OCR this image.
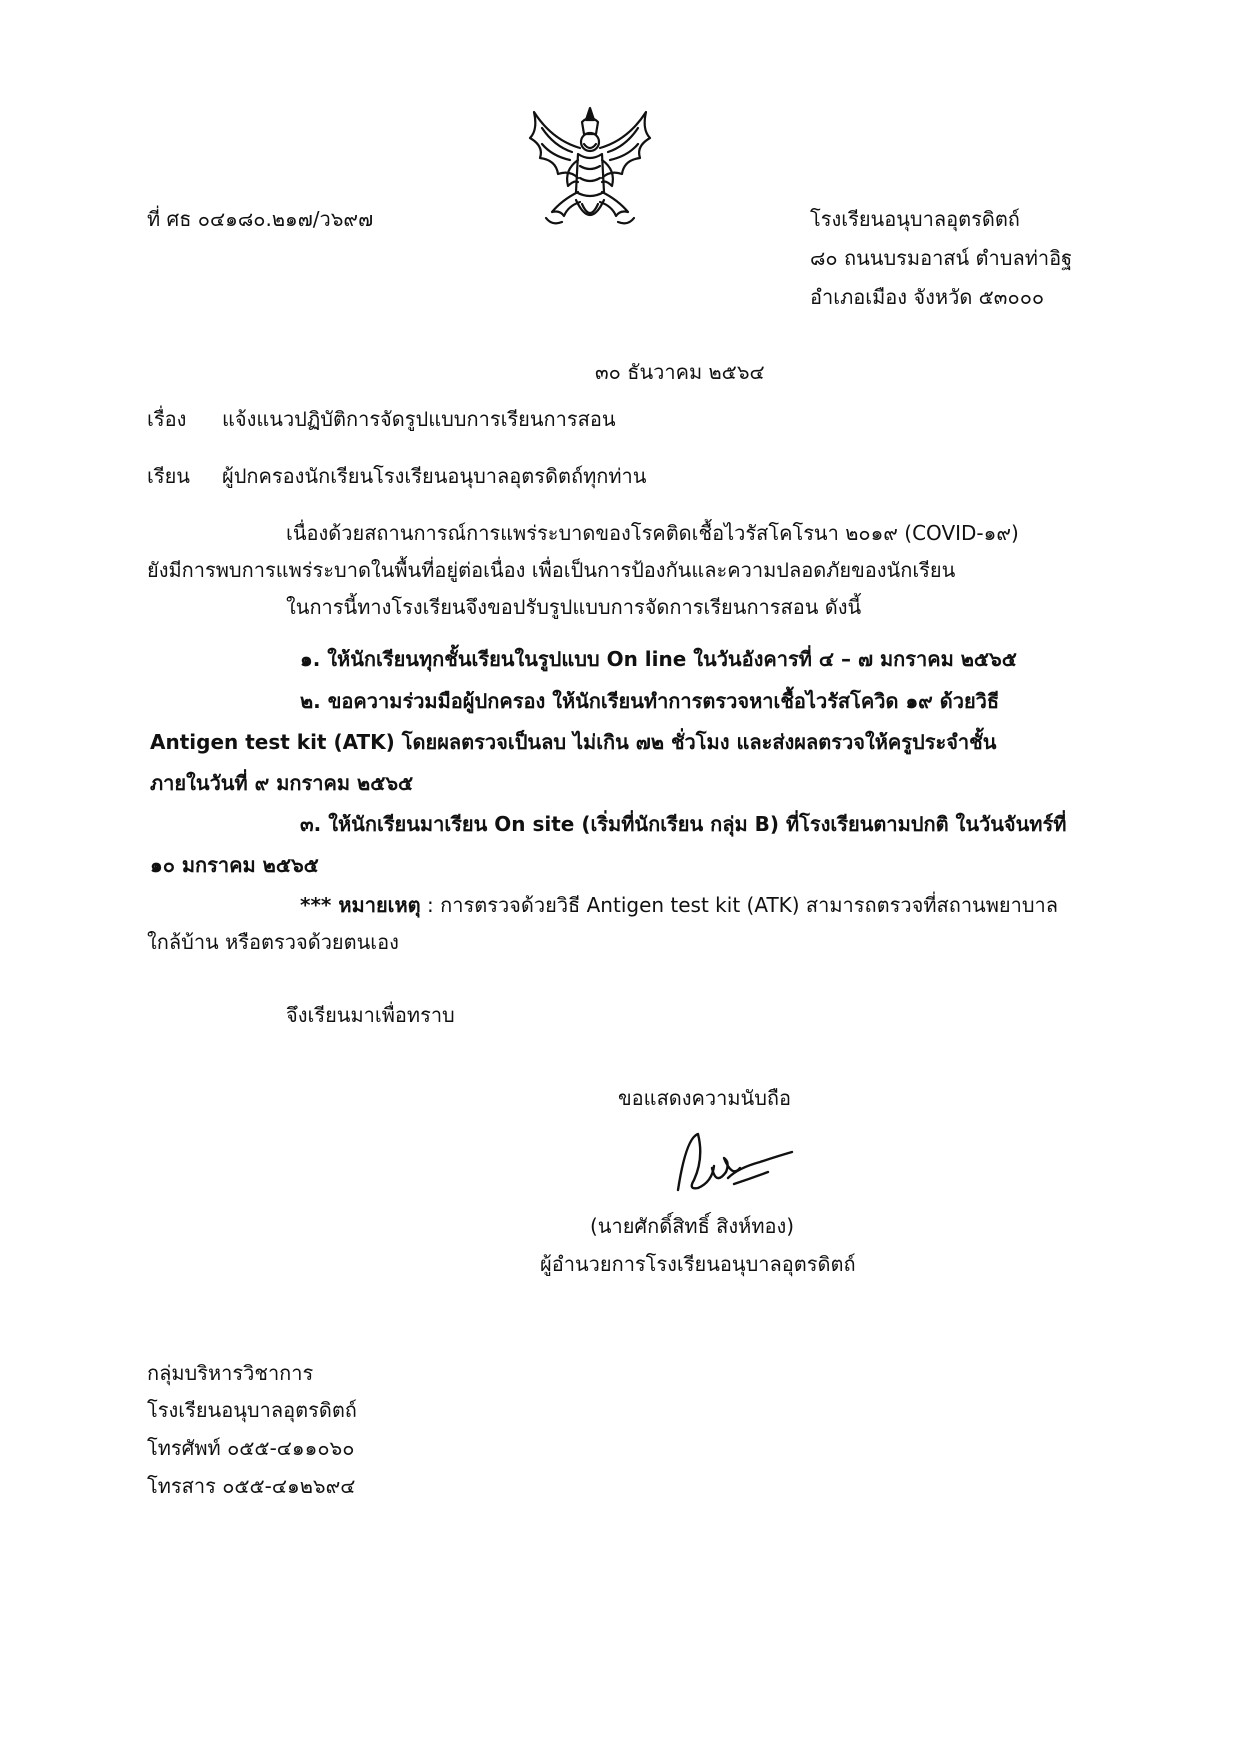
ที่ ศธ ๐๔๑๘๐.๒๑๗/ว๖๙๗	โรงเรียนอนุบาลอุตรดิตถ์
๘๐ ถนนบรมอาสน์ ตำบลท่าอิฐ
อำเภอเมือง จังหวัด ๕๓๐๐๐
๓๐ ธันวาคม ๒๕๖๔
เรื่อง แจ้งแนวปฏิบัติการจัดรูปแบบการเรียนการสอน
เรียน ผู้ปกครองนักเรียนโรงเรียนอนุบาลอุตรดิตถ์ทุกท่าน
เนื่องด้วยสถานการณ์การแพร่ระบาดของโรคติดเชื้อไวรัสโคโรนา ๒๐๑๙ (COVID-๑๙)
ยังมีการพบการแพร่ระบาดในพื้นที่อยู่ต่อเนื่อง เพื่อเป็นการป้องกันและความปลอดภัยของนักเรียน
ในการนี้ทางโรงเรียนจึงขอปรับรูปแบบการจัดการเรียนการสอน ดังนี้
๑. ให้นักเรียนทุกชั้นเรียนในรูปแบบ On line ในวันอังคารที่ ๔ – ๗ มกราคม ๒๕๖๕
๒. ขอความร่วมมือผู้ปกครอง ให้นักเรียนทำการตรวจหาเชื้อไวรัสโควิด ๑๙ ด้วยวิธี
Antigen test kit (ATK) โดยผลตรวจเป็นลบ ไม่เกิน ๗๒ ชั่วโมง และส่งผลตรวจให้ครูประจำชั้น
ภายในวันที่ ๙ มกราคม ๒๕๖๕
๓. ให้นักเรียนมาเรียน On site (เริ่มที่นักเรียน กลุ่ม B) ที่โรงเรียนตามปกติ ในวันจันทร์ที่
๑๐ มกราคม ๒๕๖๕
*** หมายเหตุ : การตรวจด้วยวิธี Antigen test kit (ATK) สามารถตรวจที่สถานพยาบาล
ใกล้บ้าน หรือตรวจด้วยตนเอง
จึงเรียนมาเพื่อทราบ
ขอแสดงความนับถือ
(นายศักดิ์สิทธิ์ สิงห์ทอง)
ผู้อำนวยการโรงเรียนอนุบาลอุตรดิตถ์
กลุ่มบริหารวิชาการ
โรงเรียนอนุบาลอุตรดิตถ์
โทรศัพท์ ๐๕๕-๔๑๑๐๖๐
โทรสาร ๐๕๕-๔๑๒๖๙๔
